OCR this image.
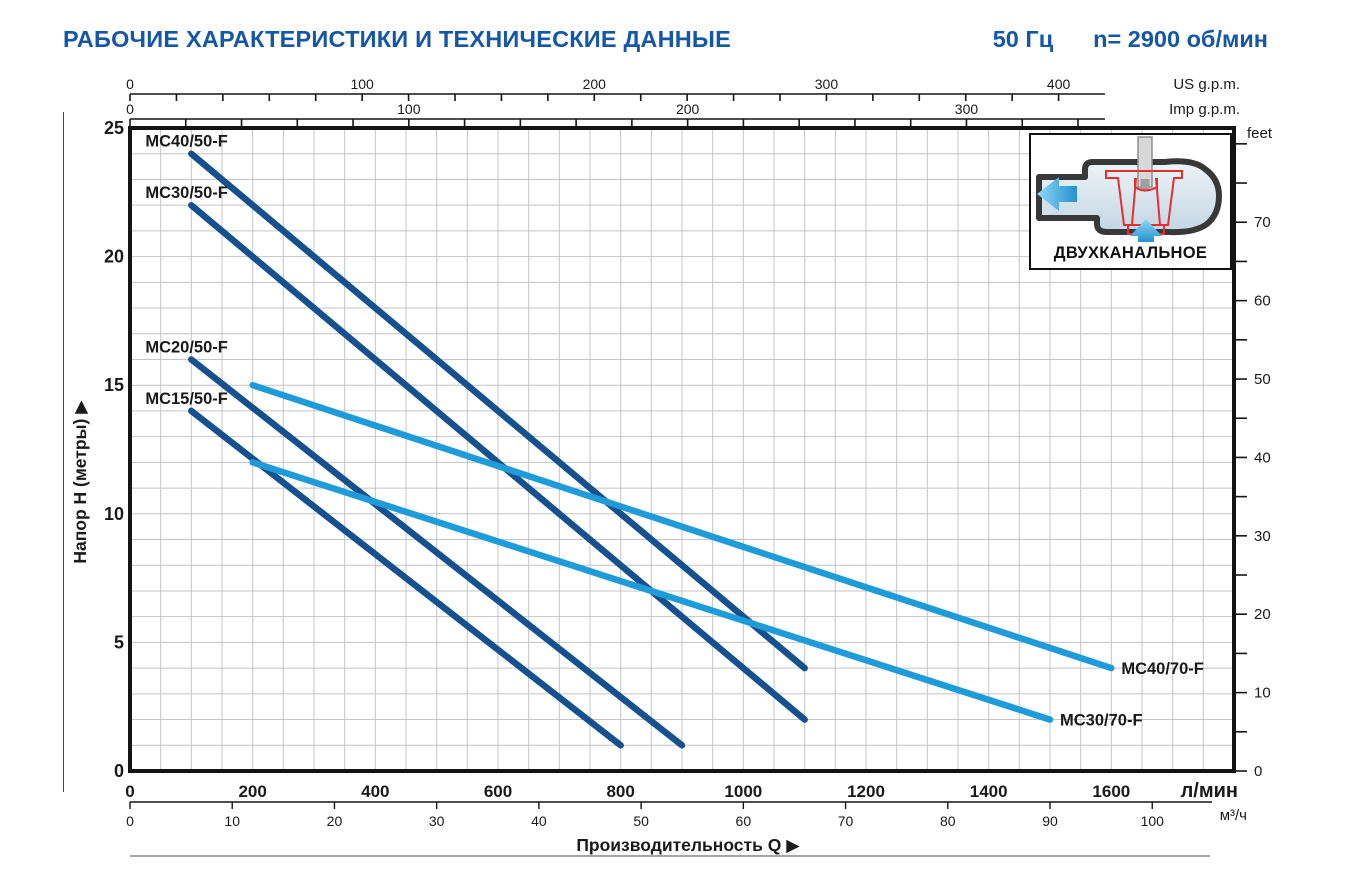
РАБОЧИЕ ХАРАКТЕРИСТИКИ И ТЕХНИЧЕСКИЕ ДАННЫЕ	50 Гц n= 2900 об/мин
MC40/50-F
MC30/50-F
MC20/50-F
MC15/50-F
MC40/70-F
MC30/70-F
0	100	200	300	400	US g.p.m.
0	100	200	300	Imp g.p.m.
0
10
20
30
40
50
60
70
feet
0	200	400	600	800	1000	1200	1400	1600	л/мин
0	10	20	30	40	50	60	70	80	90	100	м³/ч
0
5
10
15
20
25
Производительность Q ▶
Напор H (метры) ▶
ДВУХКАНАЛЬНОЕ
